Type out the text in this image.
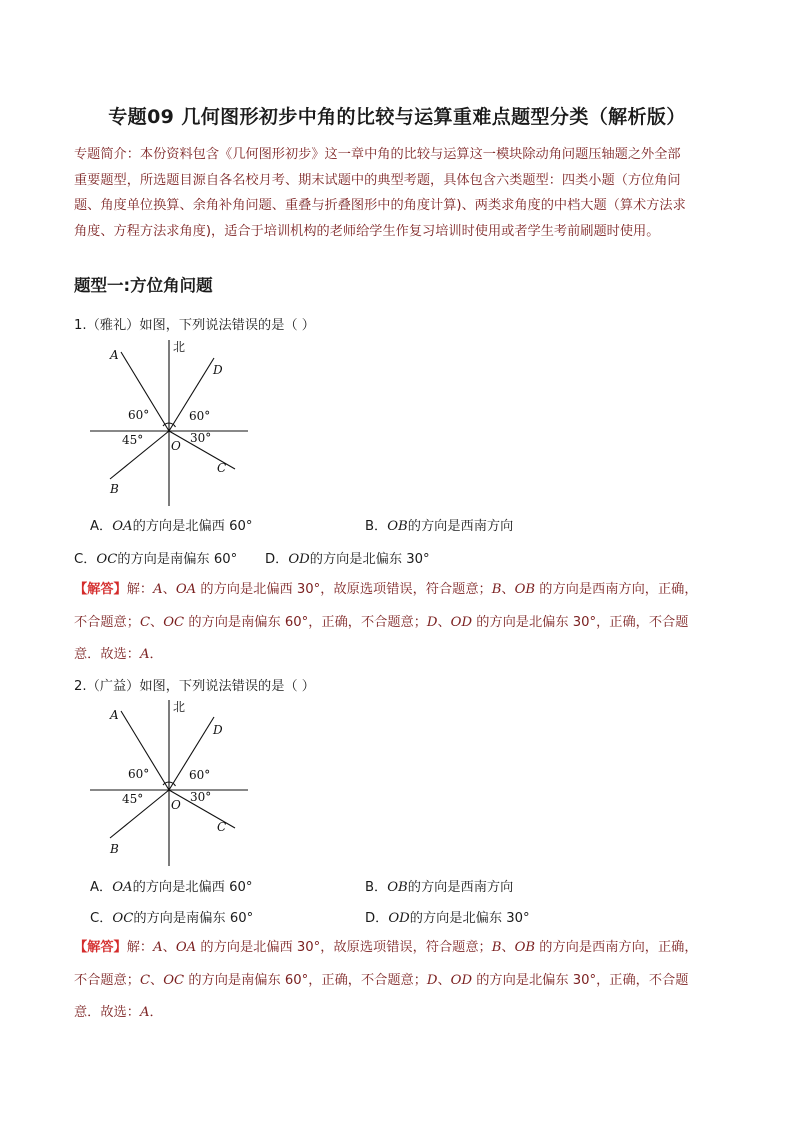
专题09 几何图形初步中角的比较与运算重难点题型分类（解析版）
专题简介：本份资料包含《几何图形初步》这一章中角的比较与运算这一模块除动角问题压轴题之外全部
重要题型，所选题目源自各名校月考、期末试题中的典型考题，具体包含六类题型：四类小题（方位角问
题、角度单位换算、余角补角问题、重叠与折叠图形中的角度计算)、两类求角度的中档大题（算术方法求
角度、方程方法求角度)，适合于培训机构的老师给学生作复习培训时使用或者学生考前刷题时使用。
题型一:方位角问题
1.（雅礼）如图，下列说法错误的是（ ）
北
A
D
C
B
O
60°
45°
60°
30°
A．OA的方向是北偏西 60°	B．OB的方向是西南方向
C．OC的方向是南偏东 60° D．OD的方向是北偏东 30°
【解答】解：A、OA 的方向是北偏西 30°，故原选项错误，符合题意；B、OB 的方向是西南方向，正确，
不合题意；C、OC 的方向是南偏东 60°，正确，不合题意；D、OD 的方向是北偏东 30°，正确，不合题
意．故选：A．
2.（广益）如图，下列说法错误的是（ ）
北
A
D
C
B
O
60°
45°
60°
30°
A．OA的方向是北偏西 60°	B．OB的方向是西南方向
C．OC的方向是南偏东 60°	D．OD的方向是北偏东 30°
【解答】解：A、OA 的方向是北偏西 30°，故原选项错误，符合题意；B、OB 的方向是西南方向，正确，
不合题意；C、OC 的方向是南偏东 60°，正确，不合题意；D、OD 的方向是北偏东 30°，正确，不合题
意．故选：A．
